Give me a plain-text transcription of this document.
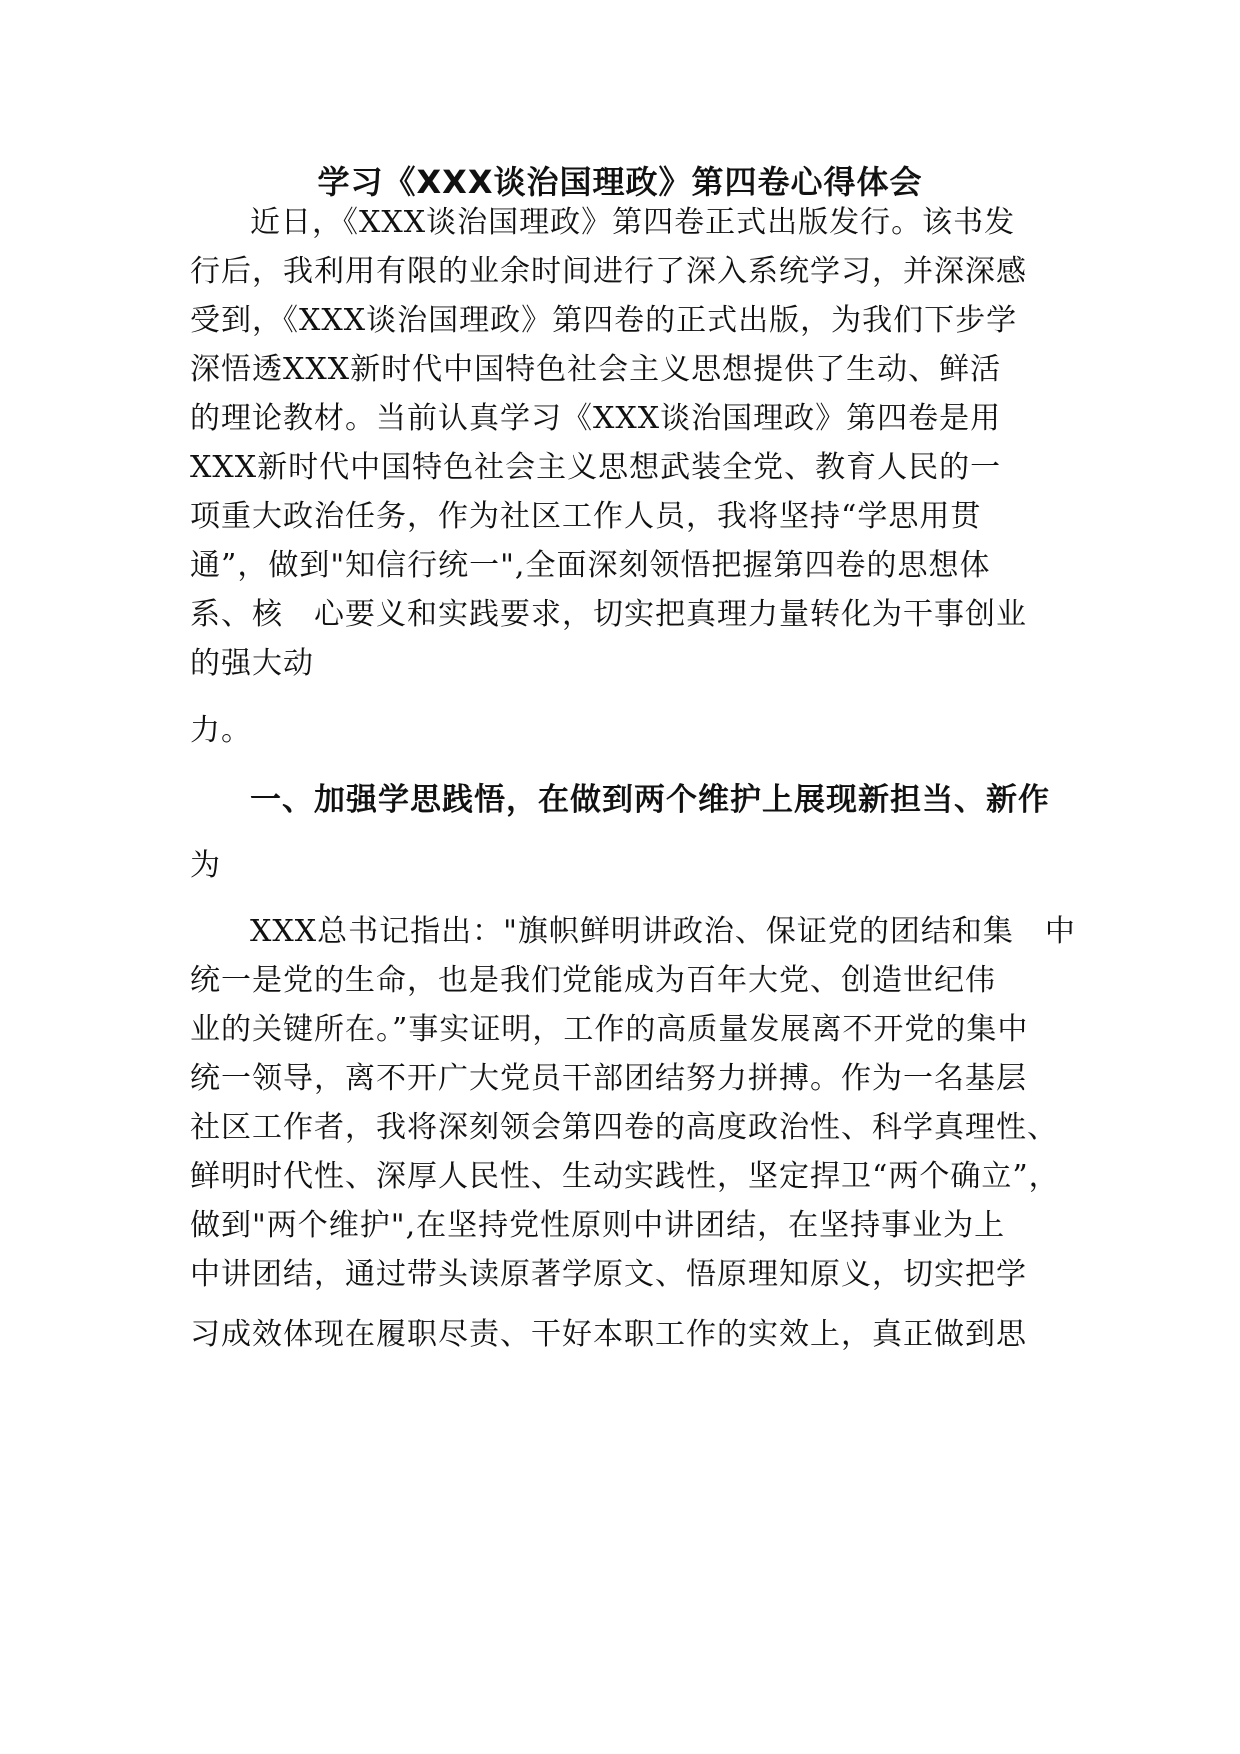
学习《XXX谈治国理政》第四卷心得体会
近日，《XXX谈治国理政》第四卷正式出版发行。该书发
行后，我利用有限的业余时间进行了深入系统学习，并深深感
受到，《XXX谈治国理政》第四卷的正式出版，为我们下步学
深悟透XXX新时代中国特色社会主义思想提供了生动、鲜活
的理论教材。当前认真学习《XXX谈治国理政》第四卷是用
XXX新时代中国特色社会主义思想武装全党、教育人民的一
项重大政治任务，作为社区工作人员，我将坚持“学思用贯
通”，做到"知信行统一",全面深刻领悟把握第四卷的思想体
系、核　心要义和实践要求，切实把真理力量转化为干事创业
的强大动
力。
一、加强学思践悟，在做到两个维护上展现新担当、新作
为
XXX总书记指出："旗帜鲜明讲政治、保证党的团结和集　中
统一是党的生命，也是我们党能成为百年大党、创造世纪伟
业的关键所在。”事实证明，工作的高质量发展离不开党的集中
统一领导，离不开广大党员干部团结努力拼搏。作为一名基层
社区工作者，我将深刻领会第四卷的高度政治性、科学真理性、
鲜明时代性、深厚人民性、生动实践性，坚定捍卫“两个确立”，
做到"两个维护",在坚持党性原则中讲团结，在坚持事业为上
中讲团结，通过带头读原著学原文、悟原理知原义，切实把学
习成效体现在履职尽责、干好本职工作的实效上，真正做到思
